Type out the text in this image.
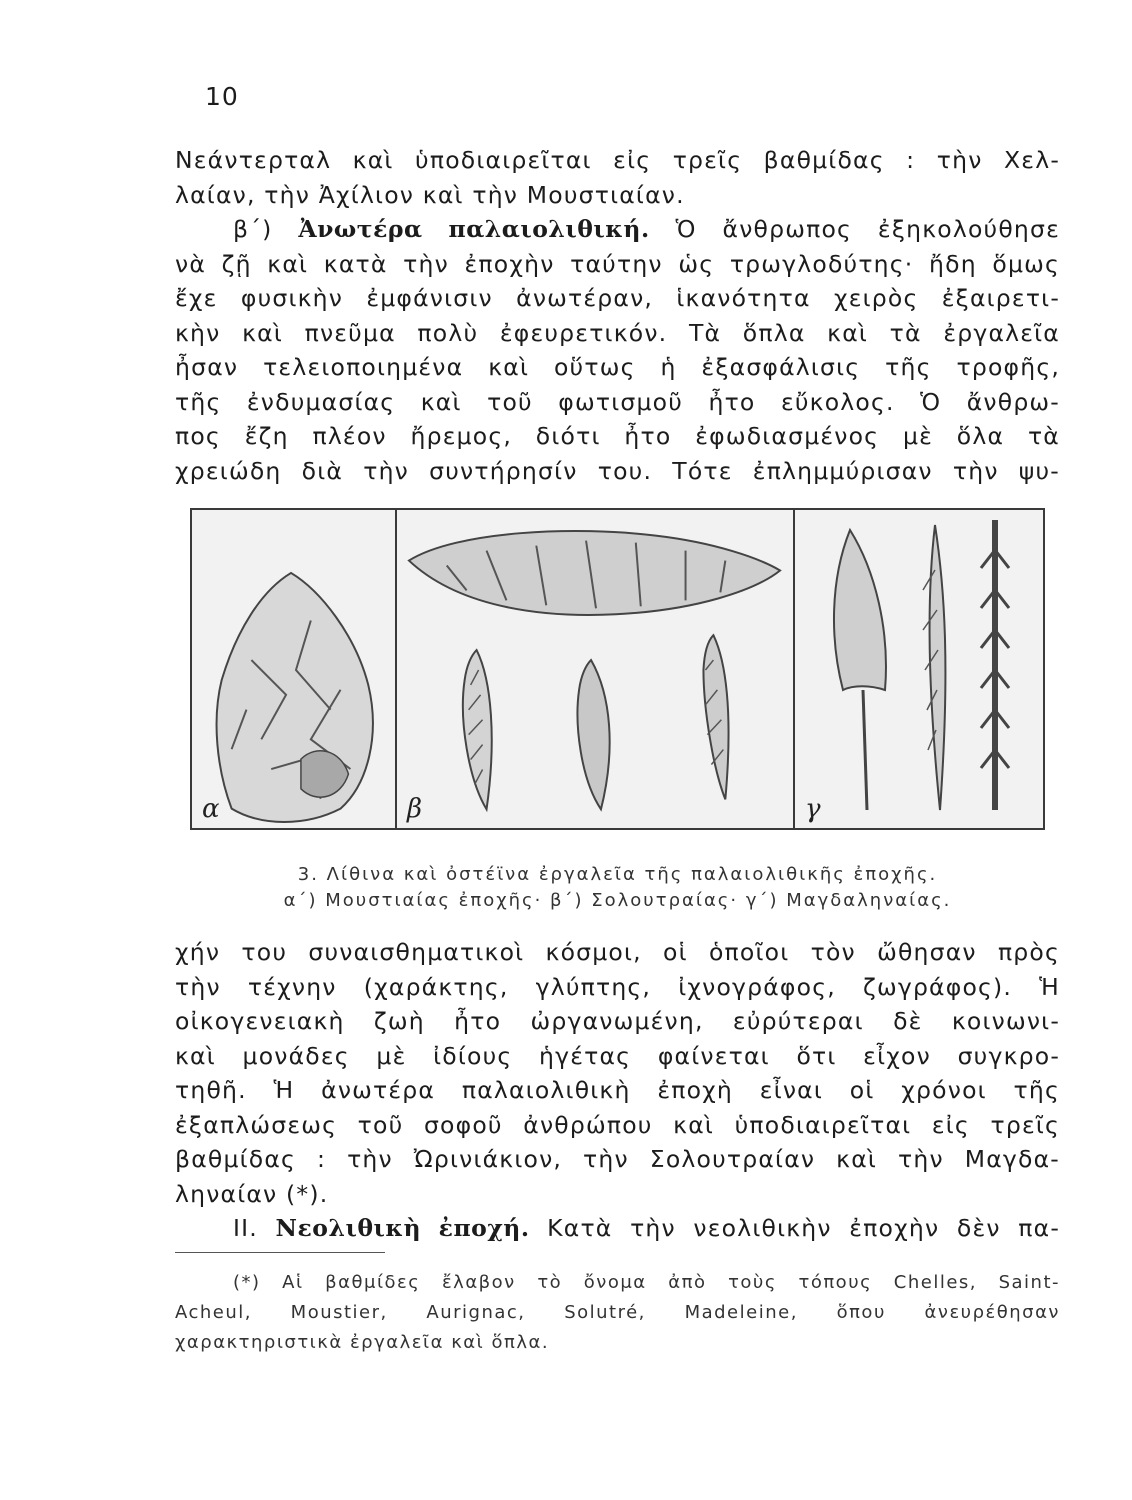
10
Νεάντερταλ καὶ ὑποδιαιρεῖται εἰς τρεῖς βαθμίδας : τὴν Χελ-
λαίαν, τὴν Ἀχίλιον καὶ τὴν Μουστιαίαν.
β΄) Ἀνωτέρα παλαιολιθική. Ὁ ἄνθρωπος ἐξηκολούθησε
νὰ ζῇ καὶ κατὰ τὴν ἐποχὴν ταύτην ὡς τρωγλοδύτης· ἤδη ὅμως
ἔχε φυσικὴν ἐμφάνισιν ἀνωτέραν, ἱκανότητα χειρὸς ἐξαιρετι-
κὴν καὶ πνεῦμα πολὺ ἐφευρετικόν. Τὰ ὅπλα καὶ τὰ ἐργαλεῖα
ἦσαν τελειοποιημένα καὶ οὕτως ἡ ἐξασφάλισις τῆς τροφῆς,
τῆς ἐνδυμασίας καὶ τοῦ φωτισμοῦ ἦτο εὔκολος. Ὁ ἄνθρω-
πος ἔζη πλέον ἤρεμος, διότι ἦτο ἐφωδιασμένος μὲ ὅλα τὰ
χρειώδη διὰ τὴν συντήρησίν του. Τότε ἐπλημμύρισαν τὴν ψυ-
α	β	γ
3. Λίθινα καὶ ὀστέϊνα ἐργαλεῖα τῆς παλαιολιθικῆς ἐποχῆς.
α΄) Μουστιαίας ἐποχῆς· β΄) Σολουτραίας· γ΄) Μαγδαληναίας.
χήν του συναισθηματικοὶ κόσμοι, οἱ ὁποῖοι τὸν ὤθησαν πρὸς
τὴν τέχνην (χαράκτης, γλύπτης, ἰχνογράφος, ζωγράφος). Ἡ
οἰκογενειακὴ ζωὴ ἦτο ὠργανωμένη, εὐρύτεραι δὲ κοινωνι-
καὶ μονάδες μὲ ἰδίους ἡγέτας φαίνεται ὅτι εἶχον συγκρο-
τηθῆ. Ἡ ἀνωτέρα παλαιολιθικὴ ἐποχὴ εἶναι οἱ χρόνοι τῆς
ἐξαπλώσεως τοῦ σοφοῦ ἀνθρώπου καὶ ὑποδιαιρεῖται εἰς τρεῖς
βαθμίδας : τὴν Ὠρινιάκιον, τὴν Σολουτραίαν καὶ τὴν Μαγδα-
ληναίαν (*).
ΙΙ. Νεολιθικὴ ἐποχή. Κατὰ τὴν νεολιθικὴν ἐποχὴν δὲν πα-
(*) Αἱ βαθμίδες ἔλαβον τὸ ὄνομα ἀπὸ τοὺς τόπους Chelles, Saint-
Acheul, Moustier, Aurignac, Solutré, Madeleine, ὅπου ἀνευρέθησαν
χαρακτηριστικὰ ἐργαλεῖα καὶ ὅπλα.
